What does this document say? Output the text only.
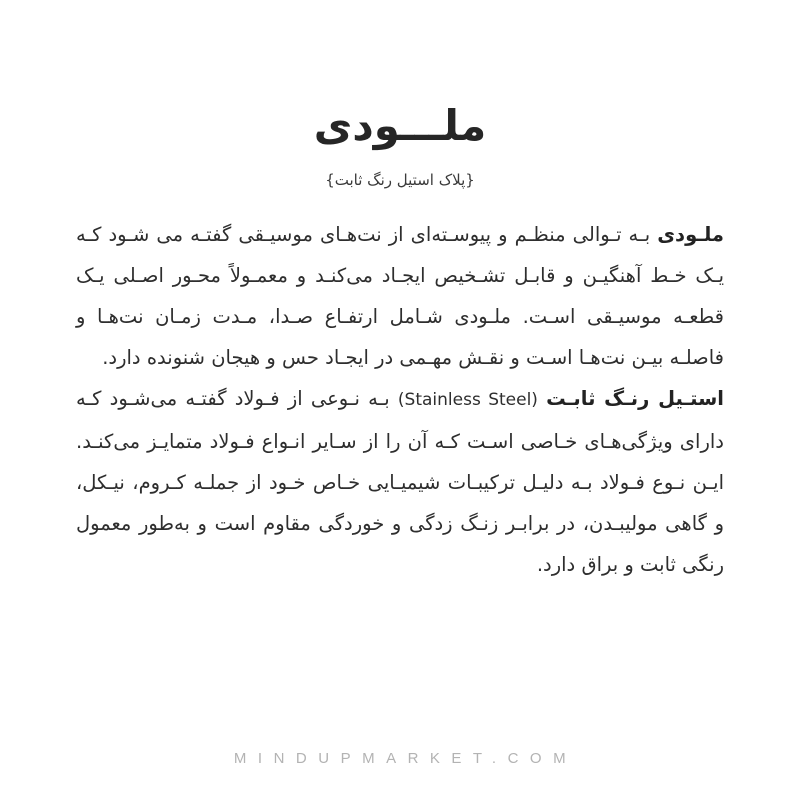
ملـــودی
{پلاک استیل رنگ ثابت}

ملـودی بـه تـوالی منظـم و پیوسـته‌ای از نت‌هـای موسیـقی گفتـه می شـود کـه یـک خـط آهنگیـن و قابـل تشـخیص ایجـاد می‌کنـد و معمـولاً محـور اصـلی یـک قطعـه موسیـقی اسـت. ملـودی شـامل ارتفـاع صـدا، مـدت زمـان نت‌هـا و فاصلـه بیـن نت‌هـا اسـت و نقـش مهـمی در ایجـاد حس و هیجان شنونده دارد.

استـیل رنـگ ثابـت (Stainless Steel) بـه نـوعی از فـولاد گفتـه می‌شـود کـه دارای ویژگی‌هـای خـاصی اسـت کـه آن را از سـایر انـواع فـولاد متمایـز می‌کنـد. ایـن نـوع فـولاد بـه دلیـل ترکیبـات شیمیـایی خـاص خـود از جملـه کـروم، نیـکل، و گاهی مولیبـدن، در برابـر زنـگ زدگی و خوردگی مقاوم است و به‌طور معمول رنگی ثابت و براق دارد.

MINDUPMARKET.COM
